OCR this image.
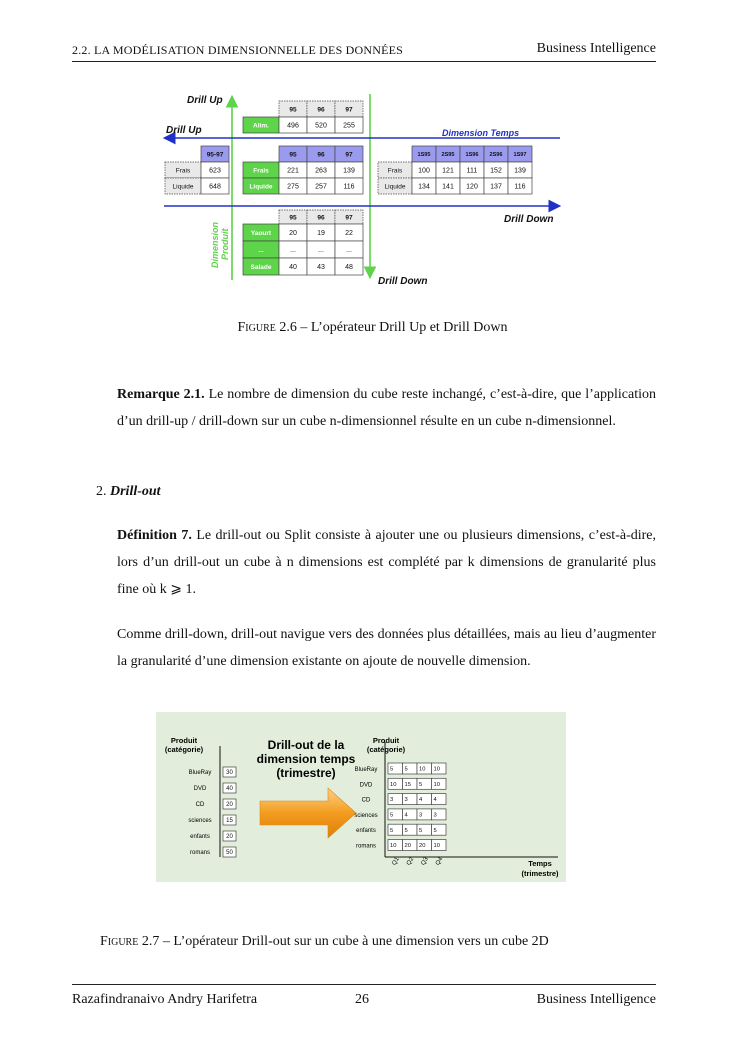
2.2. LA MODÉLISATION DIMENSIONNELLE DES DONNÉES	Business Intelligence
Drill Up
Drill Up	Dimension Temps
Drill Down
Drill Down
Dimension Produit
95	96	97
Alim.	496 520 255
95-97
Frais	623
Liquide 648
95	96	97
Frais	221 263 139
Liquide 275 257 116
1S95 2S95 1S96 2S96 1S97
Frais 100 121 111 152 139
Liquide 134 141 120 137 116
95	96	97
Yaourt	20	19	22
...	...	...	...
Salade	40	43	48
Figure 2.6 – L’opérateur Drill Up et Drill Down
Remarque 2.1. Le nombre de dimension du cube reste inchangé, c’est-à-dire, que l’application d’un drill-up / drill-down sur un cube n-dimensionnel résulte en un cube n-dimensionnel.
2. Drill-out
Définition 7. Le drill-out ou Split consiste à ajouter une ou plusieurs dimensions, c’est-à-dire, lors d’un drill-out un cube à n dimensions est complété par k dimensions de granularité plus fine où k ⩾ 1.
Comme drill-down, drill-out navigue vers des données plus détaillées, mais au lieu d’augmenter la granularité d’une dimension existante on ajoute de nouvelle dimension.
Produit
(catégorie)	Drill-out de la
dimension temps
(trimestre)
Produit
(catégorie)
Temps
(trimestre)
BlueRay 30
DVD	40
CD	20
sciences 15
enfants	20
romans	50
BlueRay 5 5 10 10
DVD	10 15 5 10
CD	3 3 4 4
sciences 5 4 3 3
enfants 5 5 5 5
romans 10 20 20 10
Q1 Q2 Q3 Q4
Figure 2.7 – L’opérateur Drill-out sur un cube à une dimension vers un cube 2D
Razafindranaivo Andry Harifetra	26	Business Intelligence
